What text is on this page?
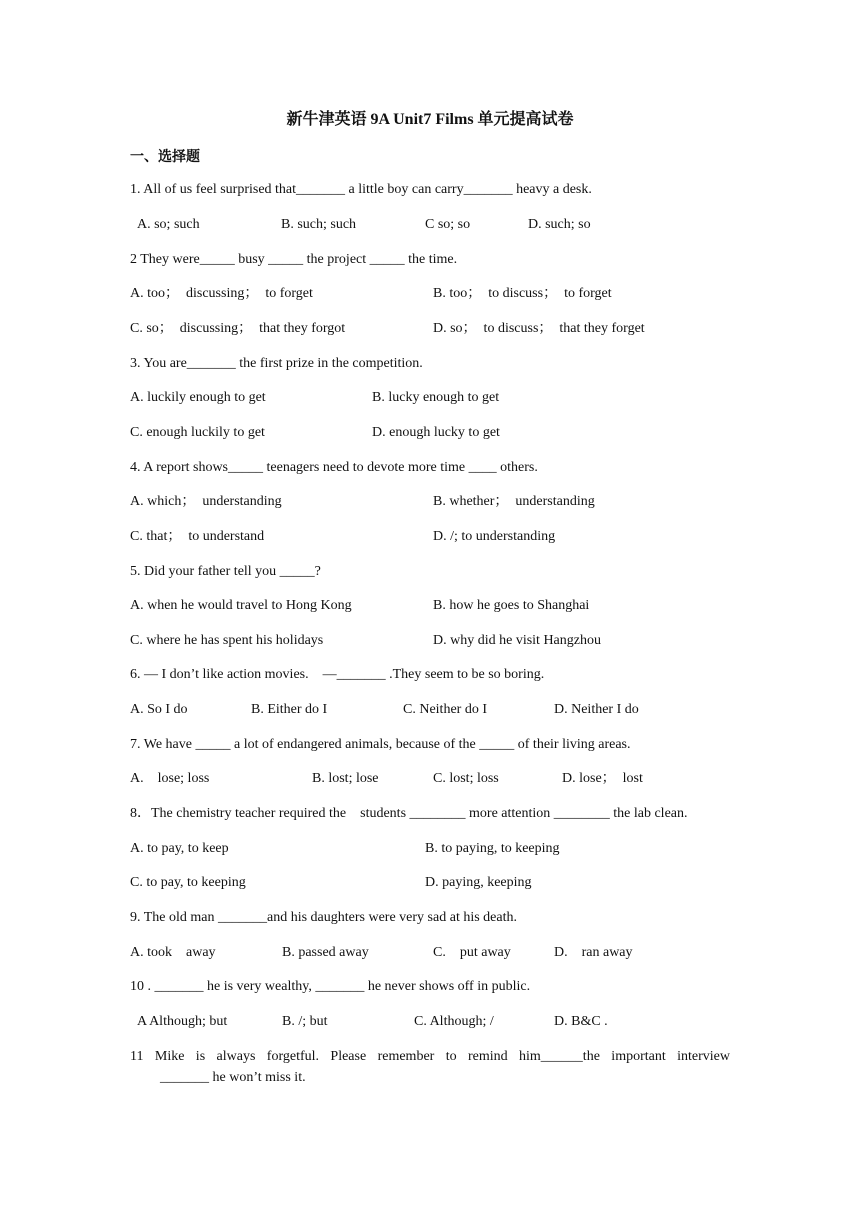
新牛津英语 9A Unit7 Films 单元提高试卷
一、选择题
1. All of us feel surprised that_______ a little boy can carry_______ heavy a desk.
A. so; such	B. such; such	C so; so	D. such; so
2 They were_____ busy _____ the project _____ the time.
A. too；  discussing；  to forget	B. too；  to discuss；  to forget
C. so；  discussing；  that they forgot	D. so；  to discuss；  that they forget
3. You are_______ the first prize in the competition.
A. luckily enough to get	B. lucky enough to get
C. enough luckily to get	D. enough lucky to get
4. A report shows_____ teenagers need to devote more time ____ others.
A. which；  understanding	B. whether；  understanding
C. that；  to understand	D. /; to understanding
5. Did your father tell you _____?
A. when he would travel to Hong Kong	B. how he goes to Shanghai
C. where he has spent his holidays	D. why did he visit Hangzhou
6. — I don’t like action movies.    —_______ .They seem to be so boring.
A. So I do	B. Either do I	C. Neither do I	D. Neither I do
7. We have _____ a lot of endangered animals, because of the _____ of their living areas.
A.    lose; loss	B. lost; lose	C. lost; loss	D. lose；  lost
8．The chemistry teacher required the    students ________ more attention ________ the lab clean.
A. to pay, to keep	B. to paying, to keeping
C. to pay, to keeping	D. paying, keeping
9. The old man _______and his daughters were very sad at his death.
A. took    away	B. passed away	C.    put away	D.    ran away
10 . _______ he is very wealthy, _______ he never shows off in public.
A Although; but	B. /; but	C. Although; /	D. B&C .
11 Mike is always forgetful. Please remember to remind him______the important interview
_______ he won’t miss it.
